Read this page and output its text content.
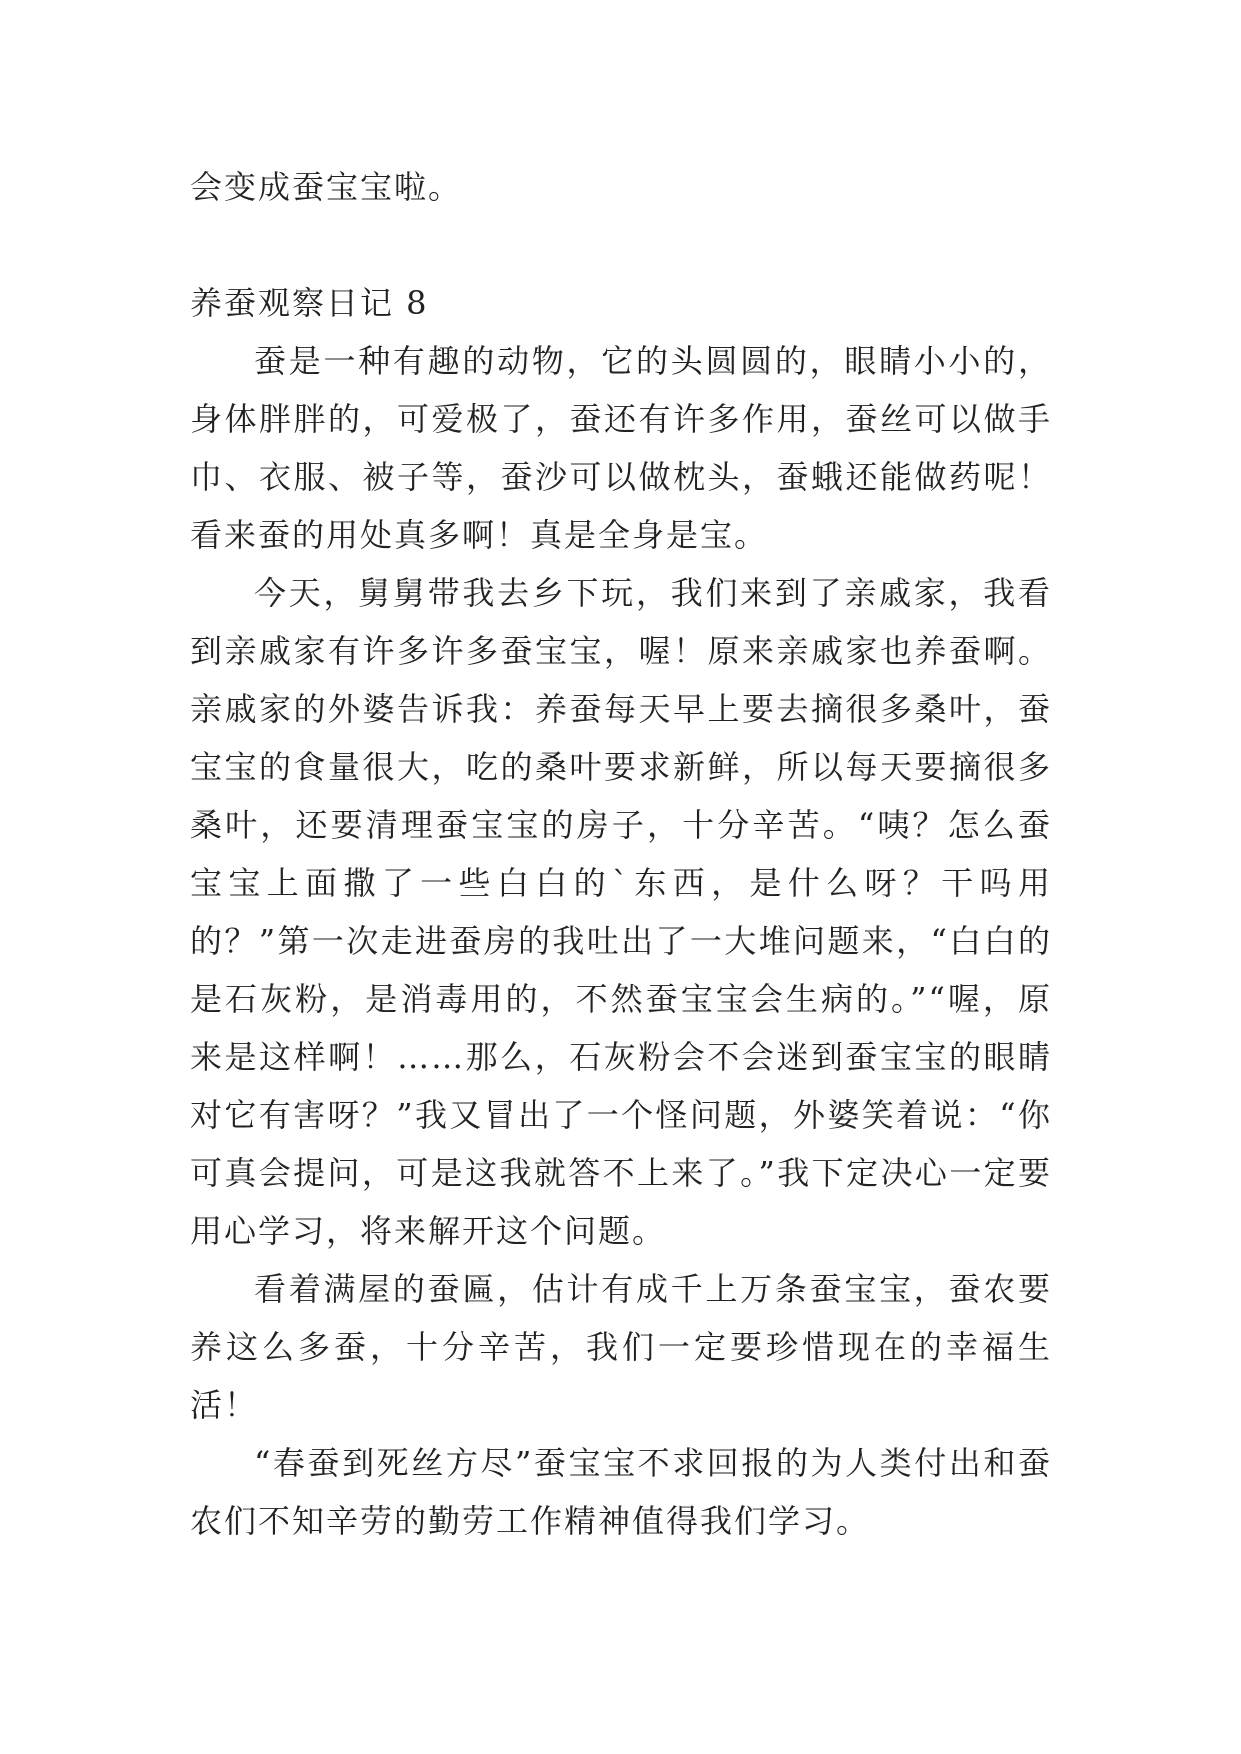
会变成蚕宝宝啦。

养蚕观察日记 8

蚕是一种有趣的动物，它的头圆圆的，眼睛小小的，身体胖胖的，可爱极了，蚕还有许多作用，蚕丝可以做手巾、衣服、被子等，蚕沙可以做枕头，蚕蛾还能做药呢！看来蚕的用处真多啊！真是全身是宝。

今天，舅舅带我去乡下玩，我们来到了亲戚家，我看到亲戚家有许多许多蚕宝宝，喔！原来亲戚家也养蚕啊。亲戚家的外婆告诉我：养蚕每天早上要去摘很多桑叶，蚕宝宝的食量很大，吃的桑叶要求新鲜，所以每天要摘很多桑叶，还要清理蚕宝宝的房子，十分辛苦。“咦？怎么蚕宝宝上面撒了一些白白的`东西，是什么呀？干吗用的？”第一次走进蚕房的我吐出了一大堆问题来，“白白的是石灰粉，是消毒用的，不然蚕宝宝会生病的。”“喔，原来是这样啊！……那么，石灰粉会不会迷到蚕宝宝的眼睛对它有害呀？”我又冒出了一个怪问题，外婆笑着说：“你可真会提问，可是这我就答不上来了。”我下定决心一定要用心学习，将来解开这个问题。

看着满屋的蚕匾，估计有成千上万条蚕宝宝，蚕农要养这么多蚕，十分辛苦，我们一定要珍惜现在的幸福生活！

“春蚕到死丝方尽”蚕宝宝不求回报的为人类付出和蚕农们不知辛劳的勤劳工作精神值得我们学习。
